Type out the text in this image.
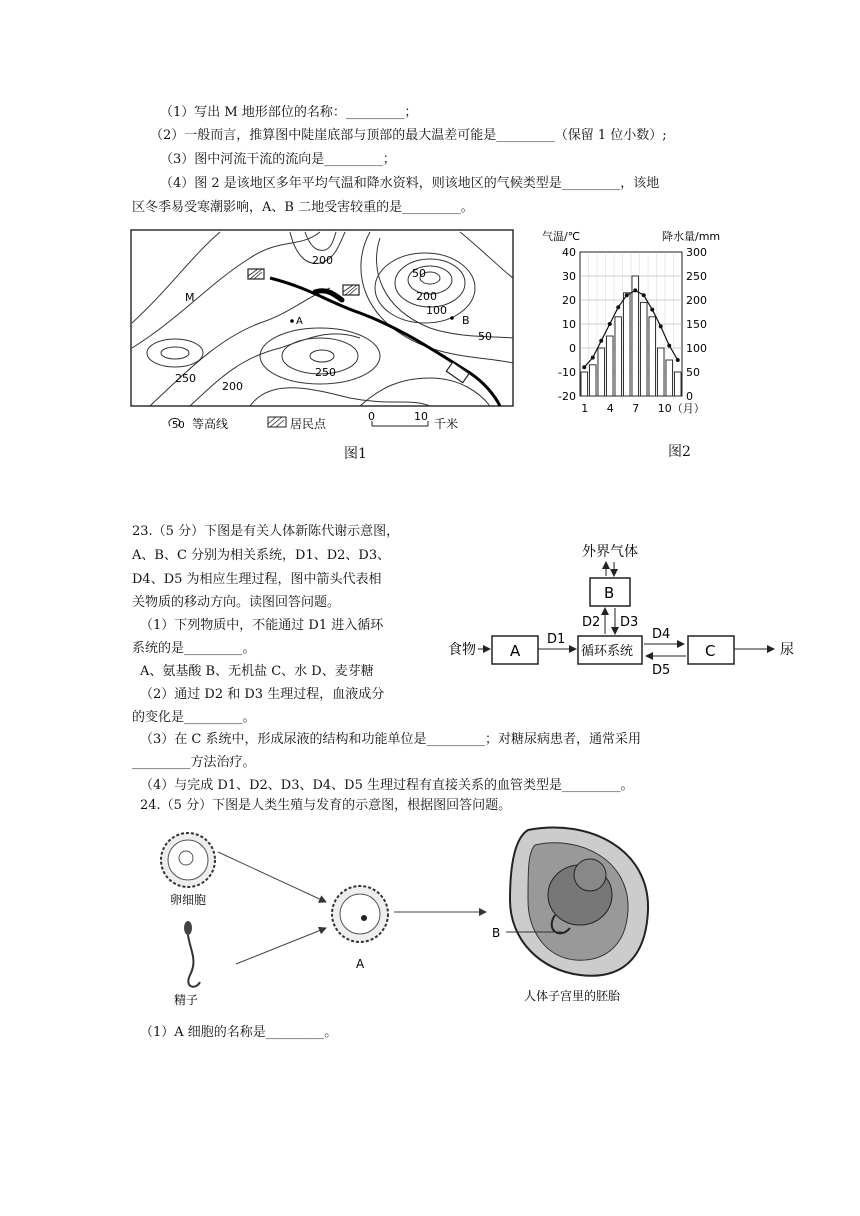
（1）写出 M 地形部位的名称：_________；
（2）一般而言，推算图中陡崖底部与顶部的最大温差可能是_________（保留 1 位小数）;
（3）图中河流干流的流向是_________；
（4）图 2 是该地区多年平均气温和降水资料，则该地区的气候类型是_________，该地
区冬季易受寒潮影响，A、B 二地受害较重的是_________。
200
50
200
100
50
250	250
200
M
A	B
50 等高线	居民点
0	10
千米
图1
气温/℃	降水量/mm
40
30
20
10
0
-10
-20
300
250
200
150
100
50
0
1 4 7 10（月）
图2
23.（5 分）下图是有关人体新陈代谢示意图，
A、B、C 分别为相关系统，D1、D2、D3、
D4、D5 为相应生理过程，图中箭头代表相
关物质的移动方向。读图回答问题。
（1）下列物质中，不能通过 D1 进入循环
系统的是_________。
A、氨基酸 B、无机盐 C、水 D、麦芽糖
（2）通过 D2 和 D3 生理过程，血液成分
的变化是_________。
（3）在 C 系统中，形成尿液的结构和功能单位是_________；对糖尿病患者，通常采用
_________方法治疗。
（4）与完成 D1、D2、D3、D4、D5 生理过程有直接关系的血管类型是_________。
外界气体
B
D2 D3
食物 A
D1
循环系统
D4
D5
C	尿
24.（5 分）下图是人类生殖与发育的示意图，根据图回答问题。
卵细胞
精子
A
B
人体子宫里的胚胎
（1）A 细胞的名称是_________。
